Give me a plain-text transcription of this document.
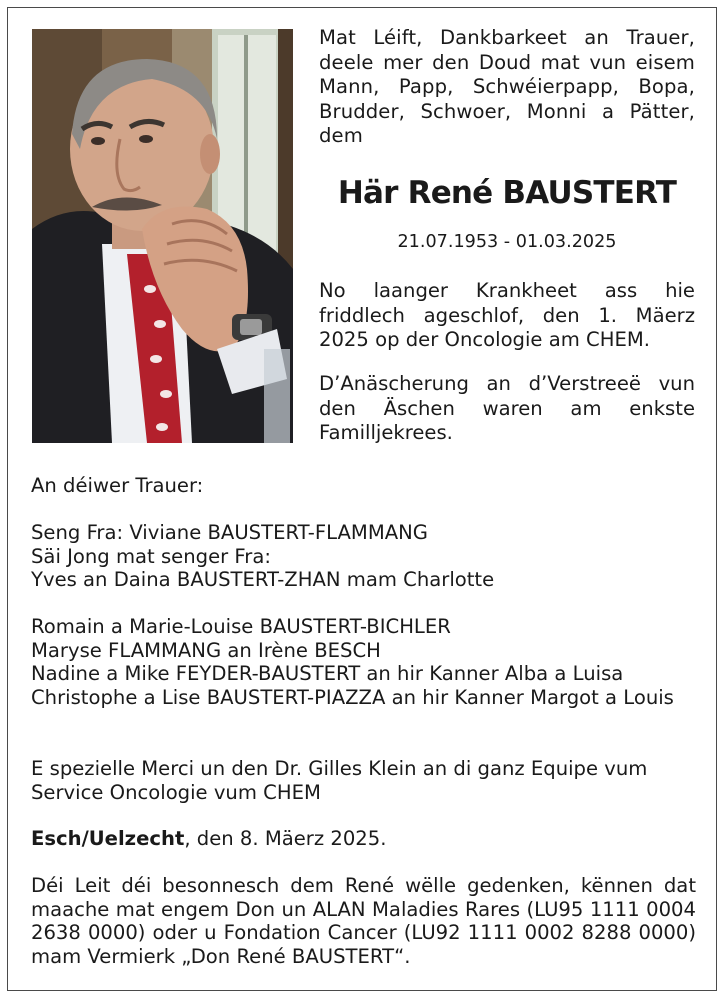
Mat Léift, Dankbarkeet an Trauer, deele mer den Doud mat vun eisem Mann, Papp, Schwéierpapp, Bopa, Brudder, Schwoer, Monni a Pätter, dem

Här René BAUSTERT

21.07.1953 - 01.03.2025

No laanger Krankheet ass hie friddlech ageschlof, den 1. Mäerz 2025 op der Oncologie am CHEM.

D’Anäscherung an d’Verstreeë vun den Äschen waren am enkste Familljekrees.

An déiwer Trauer:

Seng Fra: Viviane BAUSTERT-FLAMMANG
Säi Jong mat senger Fra:
Yves an Daina BAUSTERT-ZHAN mam Charlotte
Romain a Marie-Louise BAUSTERT-BICHLER
Maryse FLAMMANG an Irène BESCH
Nadine a Mike FEYDER-BAUSTERT an hir Kanner Alba a Luisa
Christophe a Lise BAUSTERT-PIAZZA an hir Kanner Margot a Louis

E spezielle Merci un den Dr. Gilles Klein an di ganz Equipe vum Service Oncologie vum CHEM

Esch/Uelzecht, den 8. Mäerz 2025.

Déi Leit déi besonnesch dem René wëlle gedenken, kënnen dat maache mat engem Don un ALAN Maladies Rares (LU95 1111 0004 2638 0000) oder u Fondation Cancer (LU92 1111 0002 8288 0000) mam Vermierk „Don René BAUSTERT“.
